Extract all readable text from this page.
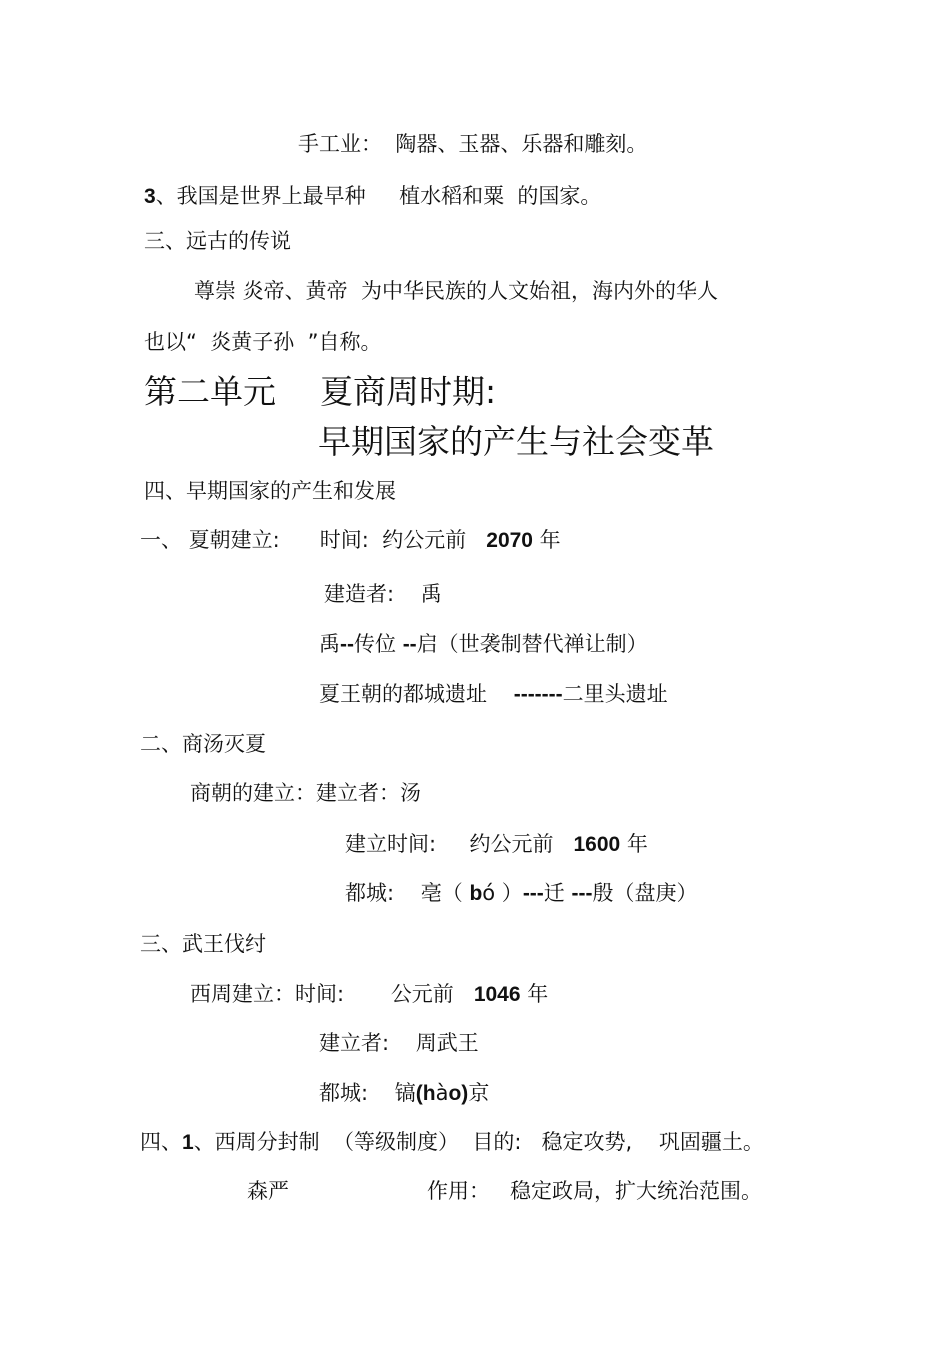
手工业：  陶器、玉器、乐器和雕刻。
3、我国是世界上最早种     植水稻和粟  的国家。
三、远古的传说
尊崇 炎帝、黄帝  为中华民族的人文始祖，海内外的华人
也以“  炎黄子孙  ”自称。
第二单元 夏商周时期:
早期国家的产生与社会变革
四、早期国家的产生和发展
一、 夏朝建立:      时间:  约公元前   2070 年
建造者:    禹
禹--传位 --启（世袭制替代禅让制）
夏王朝的都城遗址    -------二里头遗址
二、商汤灭夏
商朝的建立：建立者：汤
建立时间:     约公元前   1600 年
都城:    亳（ bó ）---迁 ---殷（盘庚）
三、武王伐纣
西周建立：时间:       公元前   1046 年
建立者:    周武王
都城:    镐(hào)京
四、1、西周分封制  （等级制度）  目的:   稳定攻势,    巩固疆土。
森严	作用：   稳定政局，扩大统治范围。
